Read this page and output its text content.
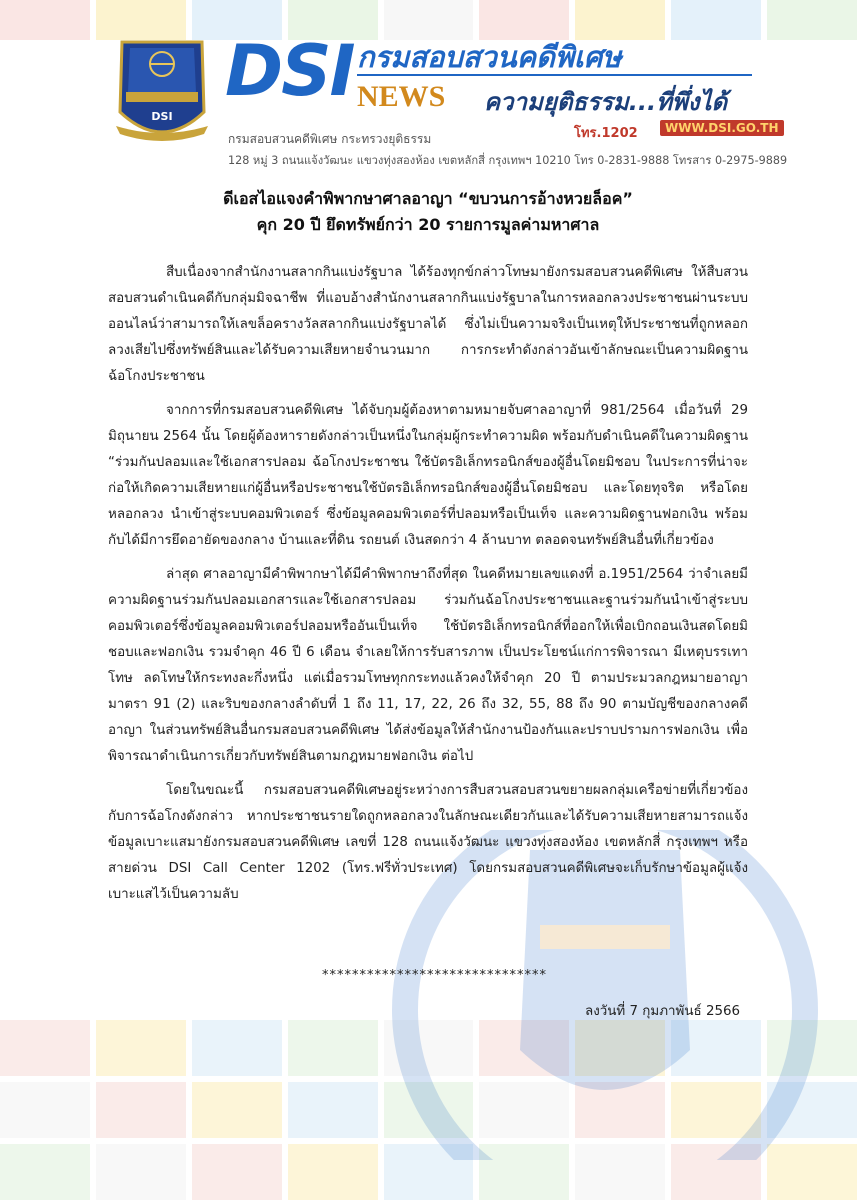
DSI
DSI กรมสอบสวนคดีพิเศษ
NEWS ความยุติธรรม...ที่พึ่งได้
โทร.1202	WWW.DSI.GO.TH
กรมสอบสวนคดีพิเศษ กระทรวงยุติธรรม
128 หมู่ 3 ถนนแจ้งวัฒนะ แขวงทุ่งสองห้อง เขตหลักสี่ กรุงเทพฯ 10210 โทร 0-2831-9888 โทรสาร 0-2975-9889
ดีเอสไอแจงคำพิพากษาศาลอาญา “ขบวนการอ้างหวยล็อค”
คุก 20 ปี ยึดทรัพย์กว่า 20 รายการมูลค่ามหาศาล

สืบเนื่องจากสำนักงานสลากกินแบ่งรัฐบาล ได้ร้องทุกข์กล่าวโทษมายังกรมสอบสวนคดีพิเศษ ให้สืบสวนสอบสวนดำเนินคดีกับกลุ่มมิจฉาชีพ ที่แอบอ้างสำนักงานสลากกินแบ่งรัฐบาลในการหลอกลวงประชาชนผ่านระบบออนไลน์ว่าสามารถให้เลขล็อครางวัลสลากกินแบ่งรัฐบาลได้ ซึ่งไม่เป็นความจริงเป็นเหตุให้ประชาชนที่ถูกหลอกลวงเสียไปซึ่งทรัพย์สินและได้รับความเสียหายจำนวนมาก การกระทำดังกล่าวอันเข้าลักษณะเป็นความผิดฐานฉ้อโกงประชาชน

จากการที่กรมสอบสวนคดีพิเศษ ได้จับกุมผู้ต้องหาตามหมายจับศาลอาญาที่ 981/2564 เมื่อวันที่ 29 มิถุนายน 2564 นั้น โดยผู้ต้องหารายดังกล่าวเป็นหนึ่งในกลุ่มผู้กระทำความผิด พร้อมกับดำเนินคดีในความผิดฐาน “ร่วมกันปลอมและใช้เอกสารปลอม ฉ้อโกงประชาชน ใช้บัตรอิเล็กทรอนิกส์ของผู้อื่นโดยมิชอบ ในประการที่น่าจะก่อให้เกิดความเสียหายแก่ผู้อื่นหรือประชาชนใช้บัตรอิเล็กทรอนิกส์ของผู้อื่นโดยมิชอบ และโดยทุจริต หรือโดยหลอกลวง นำเข้าสู่ระบบคอมพิวเตอร์ ซึ่งข้อมูลคอมพิวเตอร์ที่ปลอมหรือเป็นเท็จ และความผิดฐานฟอกเงิน พร้อมกับได้มีการยึดอายัดของกลาง บ้านและที่ดิน รถยนต์ เงินสดกว่า 4 ล้านบาท ตลอดจนทรัพย์สินอื่นที่เกี่ยวข้อง

ล่าสุด ศาลอาญามีคำพิพากษาได้มีคำพิพากษาถึงที่สุด ในคดีหมายเลขแดงที่ อ.1951/2564 ว่าจำเลยมีความผิดฐานร่วมกันปลอมเอกสารและใช้เอกสารปลอม ร่วมกันฉ้อโกงประชาชนและฐานร่วมกันนำเข้าสู่ระบบคอมพิวเตอร์ซึ่งข้อมูลคอมพิวเตอร์ปลอมหรืออันเป็นเท็จ ใช้บัตรอิเล็กทรอนิกส์ที่ออกให้เพื่อเบิกถอนเงินสดโดยมิชอบและฟอกเงิน รวมจำคุก 46 ปี 6 เดือน จำเลยให้การรับสารภาพ เป็นประโยชน์แก่การพิจารณา มีเหตุบรรเทาโทษ ลดโทษให้กระทงละกึ่งหนึ่ง แต่เมื่อรวมโทษทุกกระทงแล้วคงให้จำคุก 20 ปี ตามประมวลกฎหมายอาญา มาตรา 91 (2) และริบของกลางลำดับที่ 1 ถึง 11, 17, 22, 26 ถึง 32, 55, 88 ถึง 90 ตามบัญชีของกลางคดีอาญา ในส่วนทรัพย์สินอื่นกรมสอบสวนคดีพิเศษ ได้ส่งข้อมูลให้สำนักงานป้องกันและปราบปรามการฟอกเงิน เพื่อพิจารณาดำเนินการเกี่ยวกับทรัพย์สินตามกฎหมายฟอกเงิน ต่อไป

โดยในขณะนี้ กรมสอบสวนคดีพิเศษอยู่ระหว่างการสืบสวนสอบสวนขยายผลกลุ่มเครือข่ายที่เกี่ยวข้องกับการฉ้อโกงดังกล่าว หากประชาชนรายใดถูกหลอกลวงในลักษณะเดียวกันและได้รับความเสียหายสามารถแจ้งข้อมูลเบาะแสมายังกรมสอบสวนคดีพิเศษ เลขที่ 128 ถนนแจ้งวัฒนะ แขวงทุ่งสองห้อง เขตหลักสี่ กรุงเทพฯ หรือ สายด่วน DSI Call Center 1202 (โทร.ฟรีทั่วประเทศ) โดยกรมสอบสวนคดีพิเศษจะเก็บรักษาข้อมูลผู้แจ้งเบาะแสไว้เป็นความลับ

******************************
ลงวันที่ 7 กุมภาพันธ์ 2566
